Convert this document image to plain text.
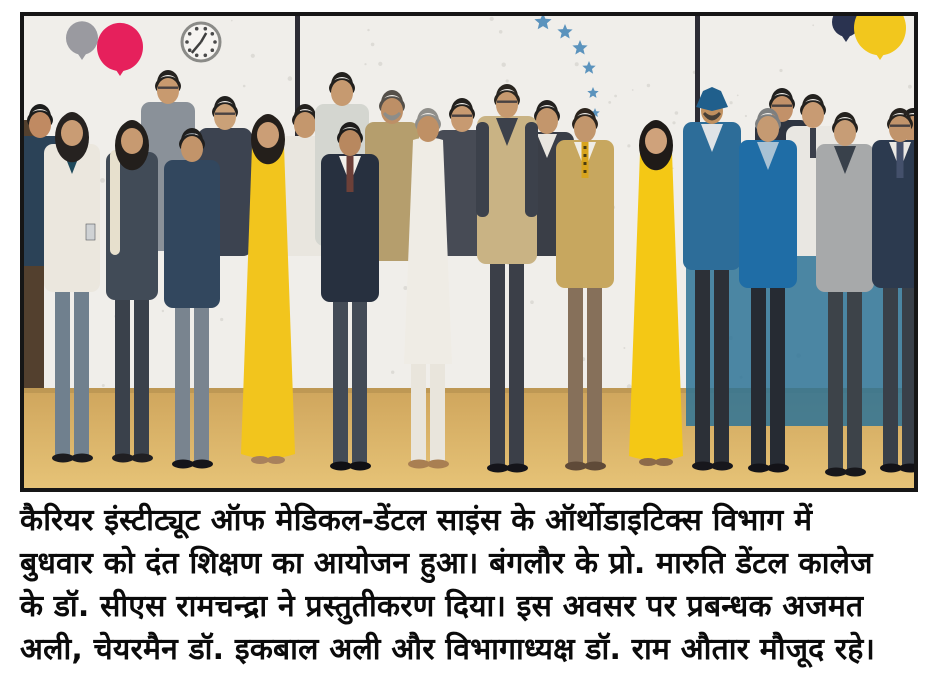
कैरियर इंस्टीट्यूट ऑफ मेडिकल-डेंटल साइंस के ऑर्थोडाइटिक्स विभाग में
बुधवार को दंत शिक्षण का आयोजन हुआ। बंगलौर के प्रो. मारुति डेंटल कालेज
के डॉ. सीएस रामचन्द्रा ने प्रस्तुतीकरण दिया। इस अवसर पर प्रबन्धक अजमत
अली, चेयरमैन डॉ. इकबाल अली और विभागाध्यक्ष डॉ. राम औतार मौजूद रहे।
